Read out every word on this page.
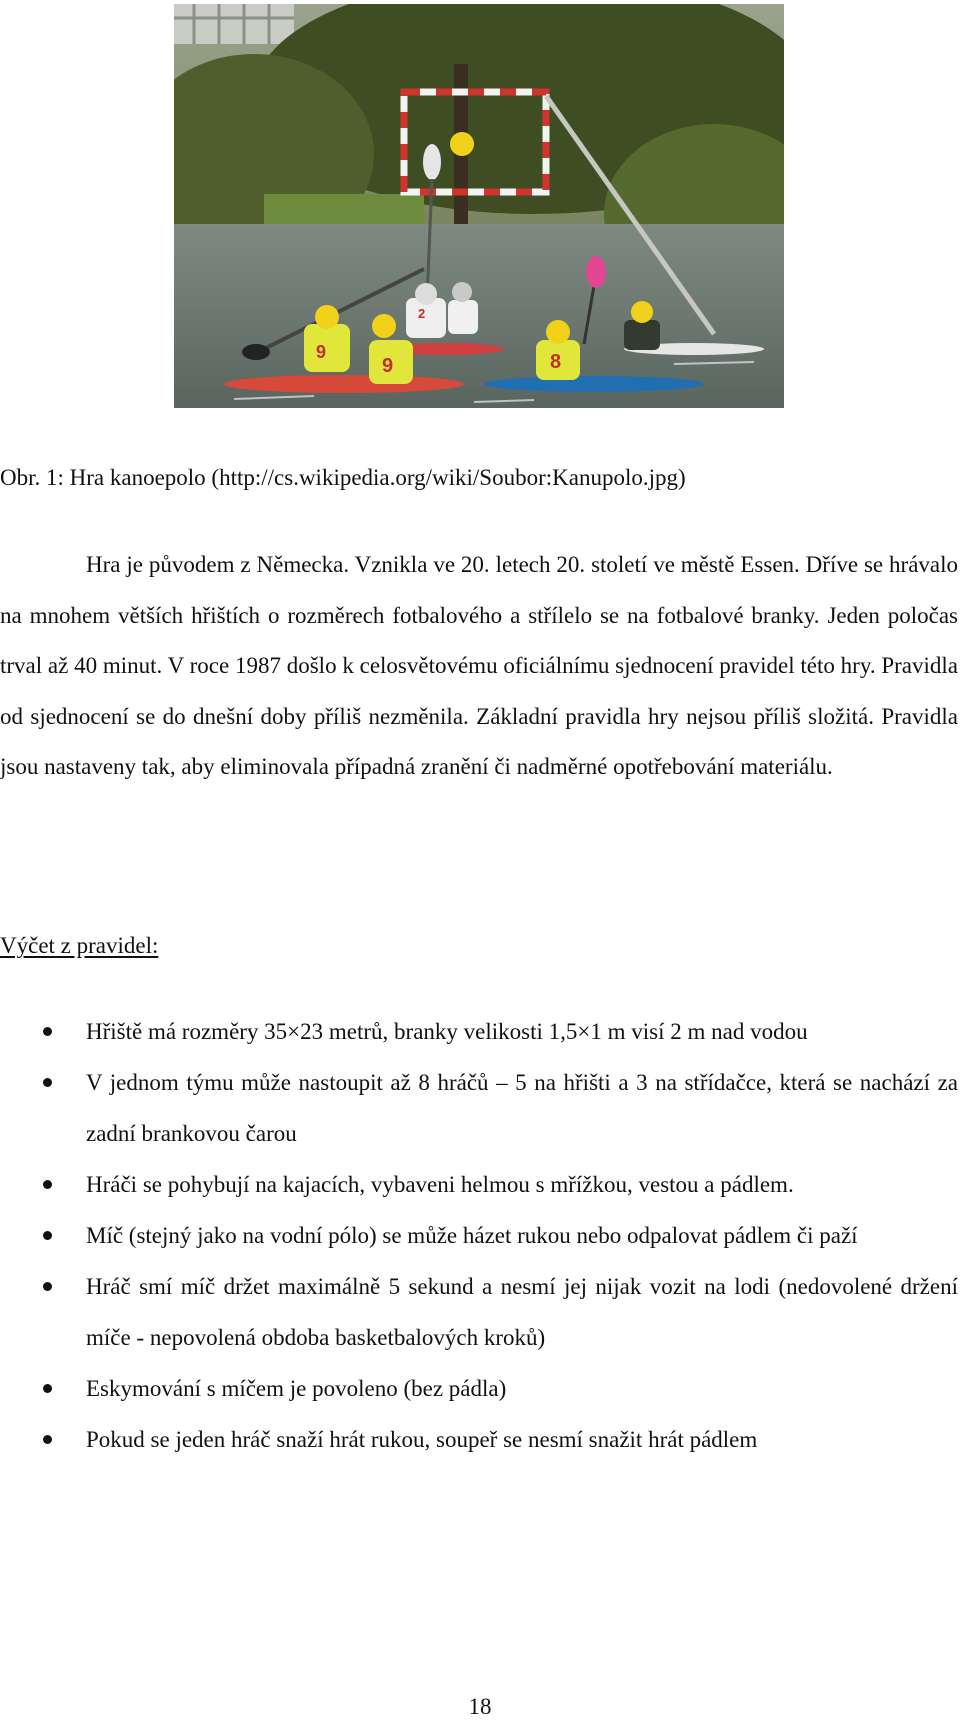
9
9	8
2
Obr. 1: Hra kanoepolo (http://cs.wikipedia.org/wiki/Soubor:Kanupolo.jpg)

Hra je původem z Německa. Vznikla ve 20. letech 20. století ve městě Essen. Dříve se hrávalo na mnohem větších hřištích o rozměrech fotbalového a střílelo se na fotbalové branky. Jeden poločas trval až 40 minut. V roce 1987 došlo k celosvětovému oficiálnímu sjednocení pravidel této hry. Pravidla od sjednocení se do dnešní doby příliš nezměnila. Základní pravidla hry nejsou příliš složitá. Pravidla jsou nastaveny tak, aby eliminovala případná zranění či nadměrné opotřebování materiálu.

Výčet z pravidel:
Hřiště má rozměry 35×23 metrů, branky velikosti 1,5×1 m visí 2 m nad vodou
V jednom týmu může nastoupit až 8 hráčů – 5 na hřišti a 3 na střídačce, která se nachází za zadní brankovou čarou
Hráči se pohybují na kajacích, vybaveni helmou s mřížkou, vestou a pádlem.
Míč (stejný jako na vodní pólo) se může házet rukou nebo odpalovat pádlem či paží
Hráč smí míč držet maximálně 5 sekund a nesmí jej nijak vozit na lodi (nedovolené držení míče - nepovolená obdoba basketbalových kroků)
Eskymování s míčem je povoleno (bez pádla)
Pokud se jeden hráč snaží hrát rukou, soupeř se nesmí snažit hrát pádlem
18
